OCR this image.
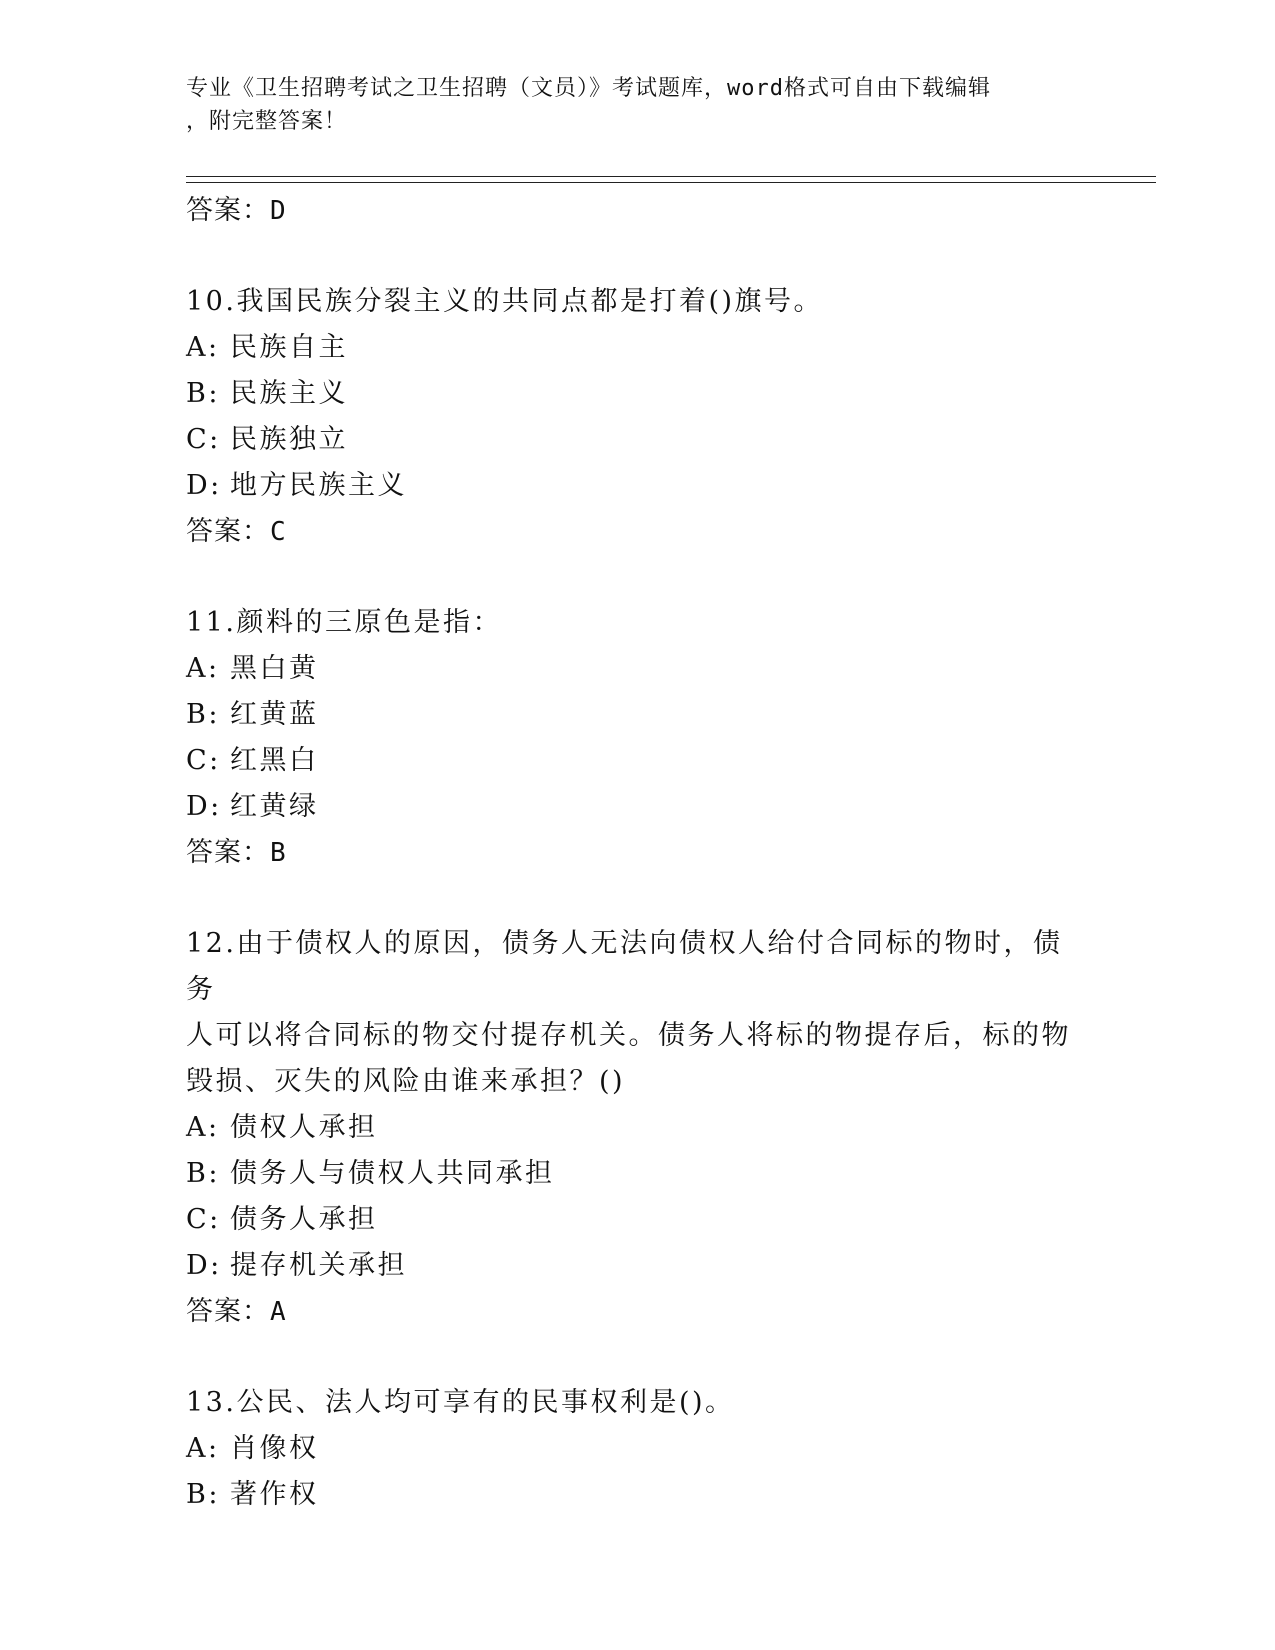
专业《卫生招聘考试之卫生招聘（文员）》考试题库，word格式可自由下载编辑
，附完整答案！
答案：D
10.我国民族分裂主义的共同点都是打着()旗号。
A: 民族自主
B: 民族主义
C: 民族独立
D: 地方民族主义
答案：C
11.颜料的三原色是指：
A: 黑白黄
B: 红黄蓝
C: 红黑白
D: 红黄绿
答案：B
12.由于债权人的原因，债务人无法向债权人给付合同标的物时，债务
人可以将合同标的物交付提存机关。债务人将标的物提存后，标的物
毁损、灭失的风险由谁来承担？()
A: 债权人承担
B: 债务人与债权人共同承担
C: 债务人承担
D: 提存机关承担
答案：A
13.公民、法人均可享有的民事权利是()。
A: 肖像权
B: 著作权
